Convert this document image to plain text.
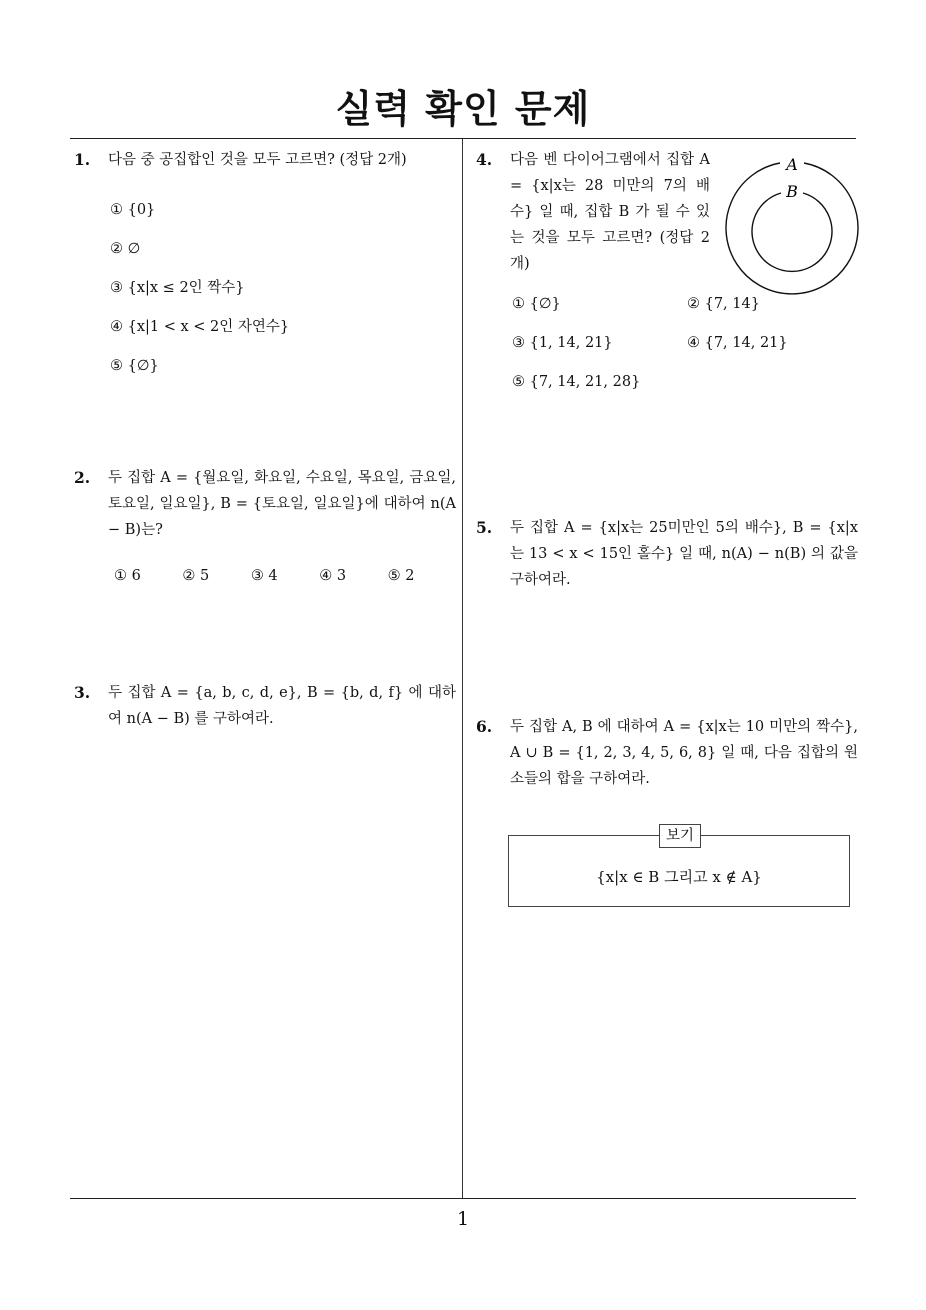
실력 확인 문제
1. 다음 중 공집합인 것을 모두 고르면? (정답 2개)
① {0}
② ∅
③ {x|x ≤ 2인 짝수}
④ {x|1 < x < 2인 자연수}
⑤ {∅}
2. 두 집합 A = {월요일, 화요일, 수요일, 목요일, 금요일, 토요일, 일요일}, B = {토요일, 일요일}에 대하여 n(A − B)는?
① 6	② 5	③ 4	④ 3	⑤ 2
3. 두 집합 A = {a, b, c, d, e}, B = {b, d, f} 에 대하여 n(A − B) 를 구하여라.
4. 다음 벤 다이어그램에서 집합 A = {x|x는 28 미만의 7의 배수} 일 때, 집합 B 가 될 수 있는 것을 모두 고르면? (정답 2개)
① {∅}	② {7, 14}
③ {1, 14, 21}	④ {7, 14, 21}
⑤ {7, 14, 21, 28}
A
B
5. 두 집합 A = {x|x는 25미만인 5의 배수}, B = {x|x는 13 < x < 15인 홀수} 일 때, n(A) − n(B) 의 값을 구하여라.
6. 두 집합 A, B 에 대하여 A = {x|x는 10 미만의 짝수}, A ∪ B = {1, 2, 3, 4, 5, 6, 8} 일 때, 다음 집합의 원소들의 합을 구하여라.
보기
{x|x ∈ B 그리고 x ∉ A}
1
